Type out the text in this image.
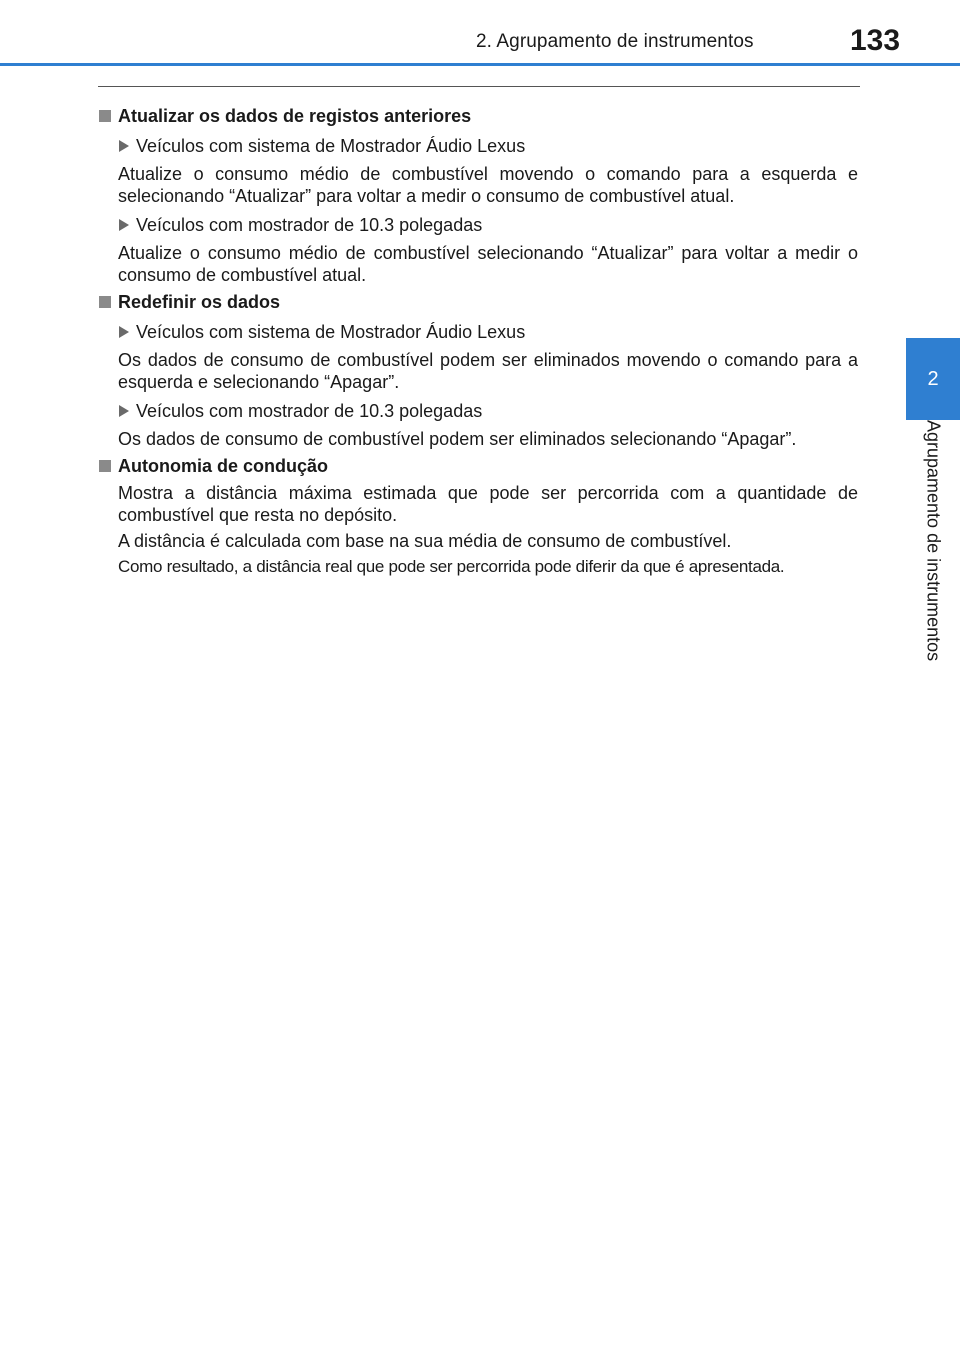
2. Agrupamento de instrumentos	133
2
Agrupamento de instrumentos
Atualizar os dados de registos anteriores
Veículos com sistema de Mostrador Áudio Lexus
Atualize o consumo médio de combustível movendo o comando para a esquerda e selecionando “Atualizar” para voltar a medir o consumo de combustível atual.
Veículos com mostrador de 10.3 polegadas
Atualize o consumo médio de combustível selecionando “Atualizar” para voltar a medir o consumo de combustível atual.
Redefinir os dados
Veículos com sistema de Mostrador Áudio Lexus
Os dados de consumo de combustível podem ser eliminados movendo o comando para a esquerda e selecionando “Apagar”.
Veículos com mostrador de 10.3 polegadas
Os dados de consumo de combustível podem ser eliminados selecionando “Apagar”.
Autonomia de condução
Mostra a distância máxima estimada que pode ser percorrida com a quantidade de combustível que resta no depósito.
A distância é calculada com base na sua média de consumo de combustível.
Como resultado, a distância real que pode ser percorrida pode diferir da que é apresentada.
